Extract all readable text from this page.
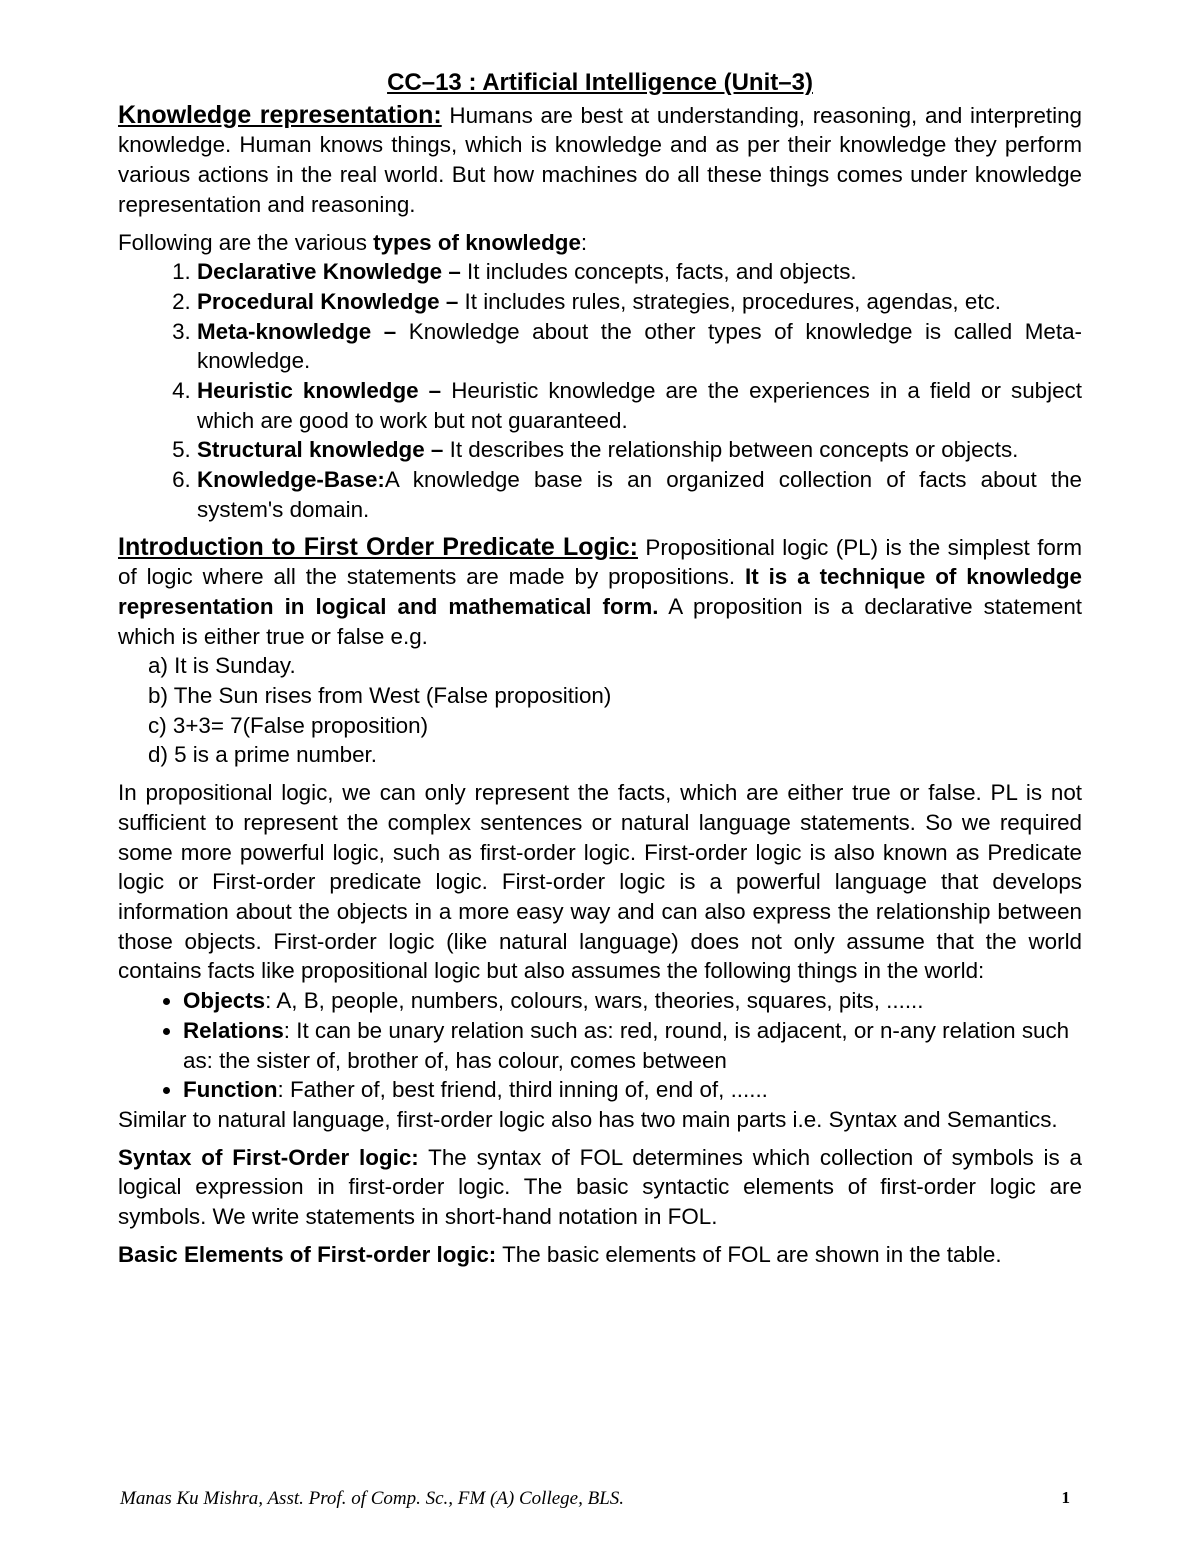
CC–13 : Artificial Intelligence (Unit–3)

Knowledge representation: Humans are best at understanding, reasoning, and interpreting knowledge. Human knows things, which is knowledge and as per their knowledge they perform various actions in the real world. But how machines do all these things comes under knowledge representation and reasoning.

Following are the various types of knowledge:

1. Declarative Knowledge – It includes concepts, facts, and objects.
2. Procedural Knowledge – It includes rules, strategies, procedures, agendas, etc.
3. Meta-knowledge – Knowledge about the other types of knowledge is called Meta-knowledge.
4. Heuristic knowledge – Heuristic knowledge are the experiences in a field or subject which are good to work but not guaranteed.
5. Structural knowledge – It describes the relationship between concepts or objects.
6. Knowledge-Base:A knowledge base is an organized collection of facts about the system's domain.

Introduction to First Order Predicate Logic: Propositional logic (PL) is the simplest form of logic where all the statements are made by propositions. It is a technique of knowledge representation in logical and mathematical form. A proposition is a declarative statement which is either true or false e.g.

a) It is Sunday.
b) The Sun rises from West (False proposition)
c) 3+3= 7(False proposition)
d) 5 is a prime number.

In propositional logic, we can only represent the facts, which are either true or false. PL is not sufficient to represent the complex sentences or natural language statements. So we required some more powerful logic, such as first-order logic. First-order logic is also known as Predicate logic or First-order predicate logic. First-order logic is a powerful language that develops information about the objects in a more easy way and can also express the relationship between those objects. First-order logic (like natural language) does not only assume that the world contains facts like propositional logic but also assumes the following things in the world:

• Objects: A, B, people, numbers, colours, wars, theories, squares, pits, ......
• Relations: It can be unary relation such as: red, round, is adjacent, or n-any relation such as: the sister of, brother of, has colour, comes between
• Function: Father of, best friend, third inning of, end of, ......

Similar to natural language, first-order logic also has two main parts i.e. Syntax and Semantics.

Syntax of First-Order logic: The syntax of FOL determines which collection of symbols is a logical expression in first-order logic. The basic syntactic elements of first-order logic are symbols. We write statements in short-hand notation in FOL.

Basic Elements of First-order logic: The basic elements of FOL are shown in the table.

Manas Ku Mishra, Asst. Prof. of Comp. Sc., FM (A) College, BLS.	1
